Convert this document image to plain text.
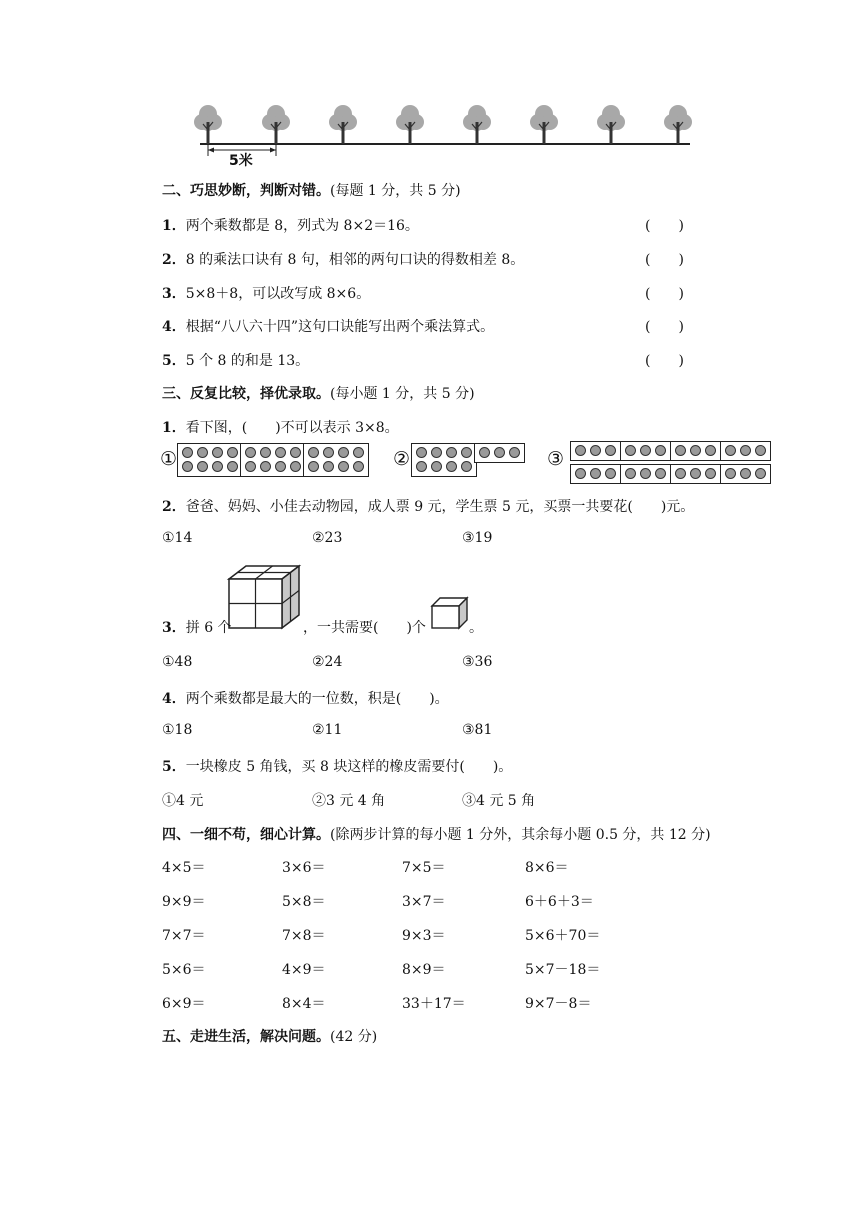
5米
二、巧思妙断，判断对错。(每题 1 分，共 5 分)
1．两个乘数都是 8，列式为 8×2＝16。	(　　)
2．8 的乘法口诀有 8 句，相邻的两句口诀的得数相差 8。	(　　)
3．5×8＋8，可以改写成 8×6。	(　　)
4．根据“八八六十四”这句口诀能写出两个乘法算式。	(　　)
5．5 个 8 的和是 13。	(　　)
三、反复比较，择优录取。(每小题 1 分，共 5 分)
1．看下图，(　　)不可以表示 3×8。
①	②	③
2．爸爸、妈妈、小佳去动物园，成人票 9 元，学生票 5 元，买票一共要花(　　)元。
①14	②23	③19
3．拼 6 个	，一共需要(　　)个	。
①48	②24	③36
4．两个乘数都是最大的一位数，积是(　　)。
①18	②11	③81
5．一块橡皮 5 角钱，买 8 块这样的橡皮需要付(　　)。
①4 元	②3 元 4 角	③4 元 5 角
四、一细不苟，细心计算。(除两步计算的每小题 1 分外，其余每小题 0.5 分，共 12 分)
4×5＝	3×6＝	7×5＝	8×6＝
9×9＝	5×8＝	3×7＝	6＋6＋3＝
7×7＝	7×8＝	9×3＝	5×6＋70＝
5×6＝	4×9＝	8×9＝	5×7－18＝
6×9＝	8×4＝	33＋17＝	9×7－8＝
五、走进生活，解决问题。(42 分)
